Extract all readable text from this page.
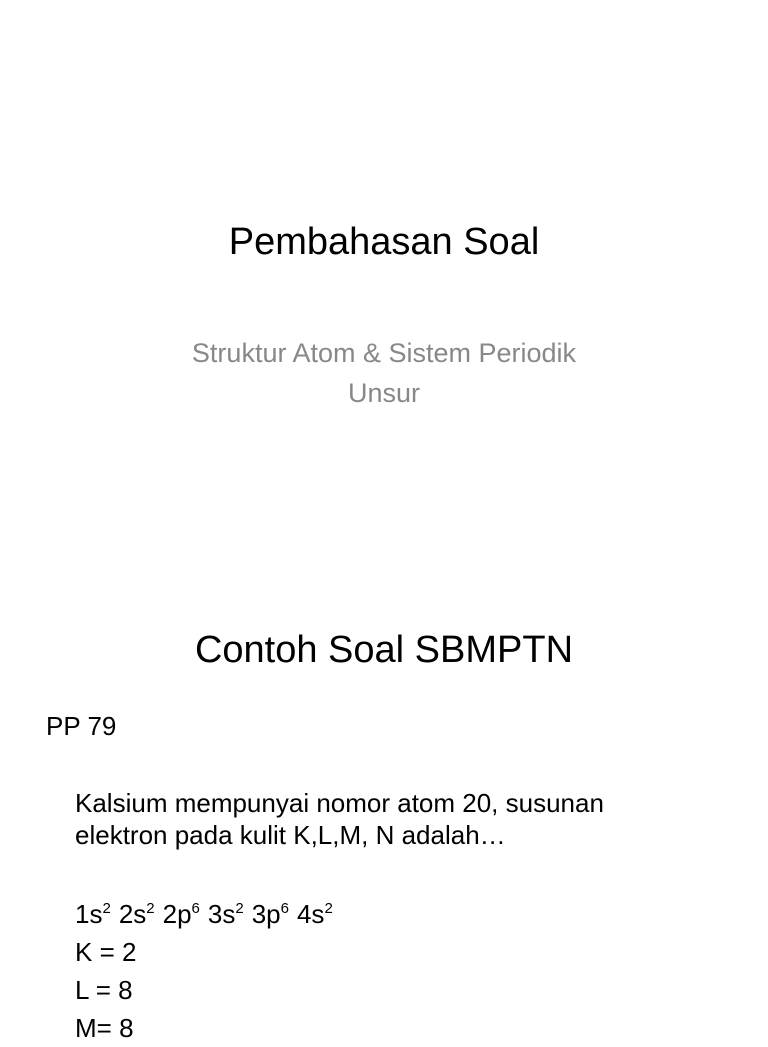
Pembahasan Soal
Struktur Atom & Sistem Periodik
Unsur
Contoh Soal SBMPTN
PP 79
Kalsium mempunyai nomor atom 20, susunan
elektron pada kulit K,L,M, N adalah…
$1s^2$ $2s^2$ $2p^6$ $3s^2$ $3p^6$ $4s^2$
K = 2
L = 8
M= 8
